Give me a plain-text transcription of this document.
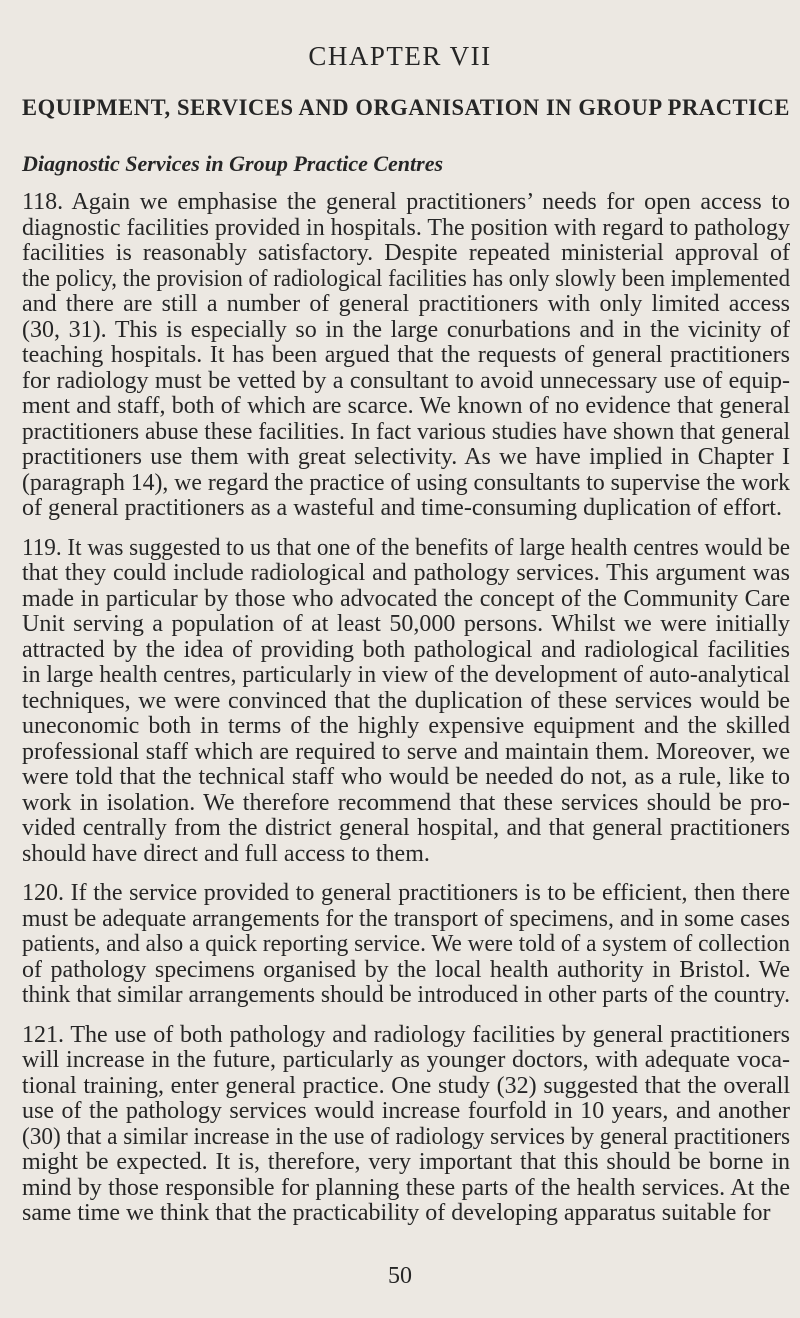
CHAPTER VII
EQUIPMENT, SERVICES AND ORGANISATION IN GROUP PRACTICE
Diagnostic Services in Group Practice Centres
118. Again we emphasise the general practitioners’ needs for open access to
diagnostic facilities provided in hospitals. The position with regard to pathology
facilities is reasonably satisfactory. Despite repeated ministerial approval of
the policy, the provision of radiological facilities has only slowly been implemented
and there are still a number of general practitioners with only limited access
(30, 31). This is especially so in the large conurbations and in the vicinity of
teaching hospitals. It has been argued that the requests of general practitioners
for radiology must be vetted by a consultant to avoid unnecessary use of equip-
ment and staff, both of which are scarce. We known of no evidence that general
practitioners abuse these facilities. In fact various studies have shown that general
practitioners use them with great selectivity. As we have implied in Chapter I
(paragraph 14), we regard the practice of using consultants to supervise the work
of general practitioners as a wasteful and time-consuming duplication of effort.
119. It was suggested to us that one of the benefits of large health centres would be
that they could include radiological and pathology services. This argument was
made in particular by those who advocated the concept of the Community Care
Unit serving a population of at least 50,000 persons. Whilst we were initially
attracted by the idea of providing both pathological and radiological facilities
in large health centres, particularly in view of the development of auto-analytical
techniques, we were convinced that the duplication of these services would be
uneconomic both in terms of the highly expensive equipment and the skilled
professional staff which are required to serve and maintain them. Moreover, we
were told that the technical staff who would be needed do not, as a rule, like to
work in isolation. We therefore recommend that these services should be pro-
vided centrally from the district general hospital, and that general practitioners
should have direct and full access to them.
120. If the service provided to general practitioners is to be efficient, then there
must be adequate arrangements for the transport of specimens, and in some cases
patients, and also a quick reporting service. We were told of a system of collection
of pathology specimens organised by the local health authority in Bristol. We
think that similar arrangements should be introduced in other parts of the country.
121. The use of both pathology and radiology facilities by general practitioners
will increase in the future, particularly as younger doctors, with adequate voca-
tional training, enter general practice. One study (32) suggested that the overall
use of the pathology services would increase fourfold in 10 years, and another
(30) that a similar increase in the use of radiology services by general practitioners
might be expected. It is, therefore, very important that this should be borne in
mind by those responsible for planning these parts of the health services. At the
same time we think that the practicability of developing apparatus suitable for
50
